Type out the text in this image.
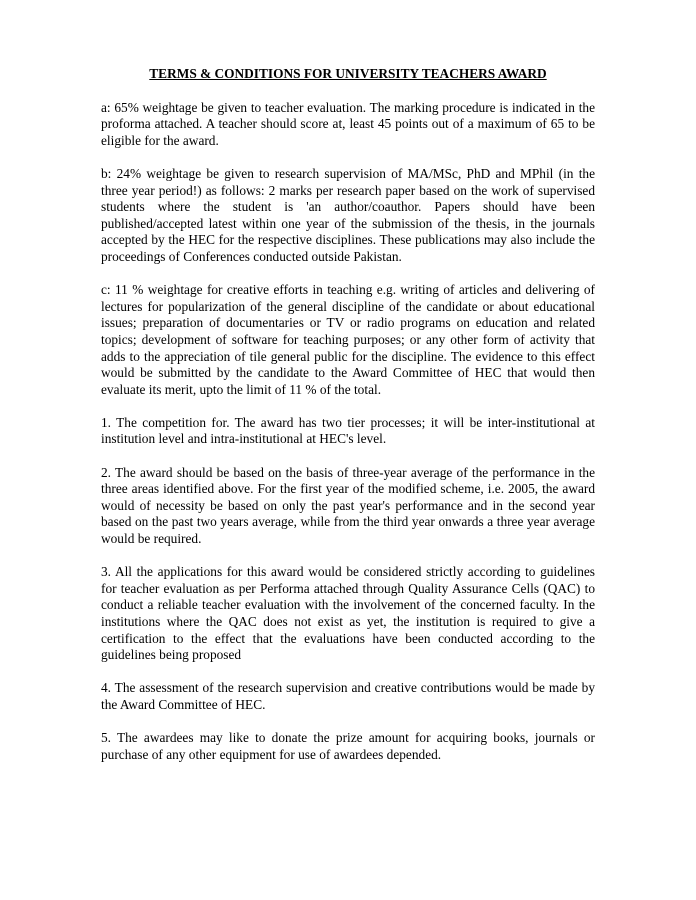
TERMS & CONDITIONS FOR UNIVERSITY TEACHERS AWARD

a: 65% weightage be given to teacher evaluation. The marking procedure is indicated in the proforma attached. A teacher should score at, least 45 points out of a maximum of 65 to be eligible for the award.

b: 24% weightage be given to research supervision of MA/MSc, PhD and MPhil (in the three year period!) as follows: 2 marks per research paper based on the work of supervised students where the student is 'an author/coauthor. Papers should have been published/accepted latest within one year of the submission of the thesis, in the journals accepted by the HEC for the respective disciplines. These publications may also include the proceedings of Conferences conducted outside Pakistan.

c: 11 % weightage for creative efforts in teaching e.g. writing of articles and delivering of lectures for popularization of the general discipline of the candidate or about educational issues; preparation of documentaries or TV or radio programs on education and related topics; development of software for teaching purposes; or any other form of activity that adds to the appreciation of tile general public for the discipline. The evidence to this effect would be submitted by the candidate to the Award Committee of HEC that would then evaluate its merit, upto the limit of 11 % of the total.

1. The competition for. The award has two tier processes; it will be inter-institutional at institution level and intra-institutional at HEC's level.

2. The award should be based on the basis of three-year average of the performance in the three areas identified above. For the first year of the modified scheme, i.e. 2005, the award would of necessity be based on only the past year's performance and in the second year based on the past two years average, while from the third year onwards a three year average would be required.

3. All the applications for this award would be considered strictly according to guidelines for teacher evaluation as per Performa attached through Quality Assurance Cells (QAC) to conduct a reliable teacher evaluation with the involvement of the concerned faculty. In the institutions where the QAC does not exist as yet, the institution is required to give a certification to the effect that the evaluations have been conducted according to the guidelines being proposed

4. The assessment of the research supervision and creative contributions would be made by the Award Committee of HEC.

5. The awardees may like to donate the prize amount for acquiring books, journals or purchase of any other equipment for use of awardees depended.
